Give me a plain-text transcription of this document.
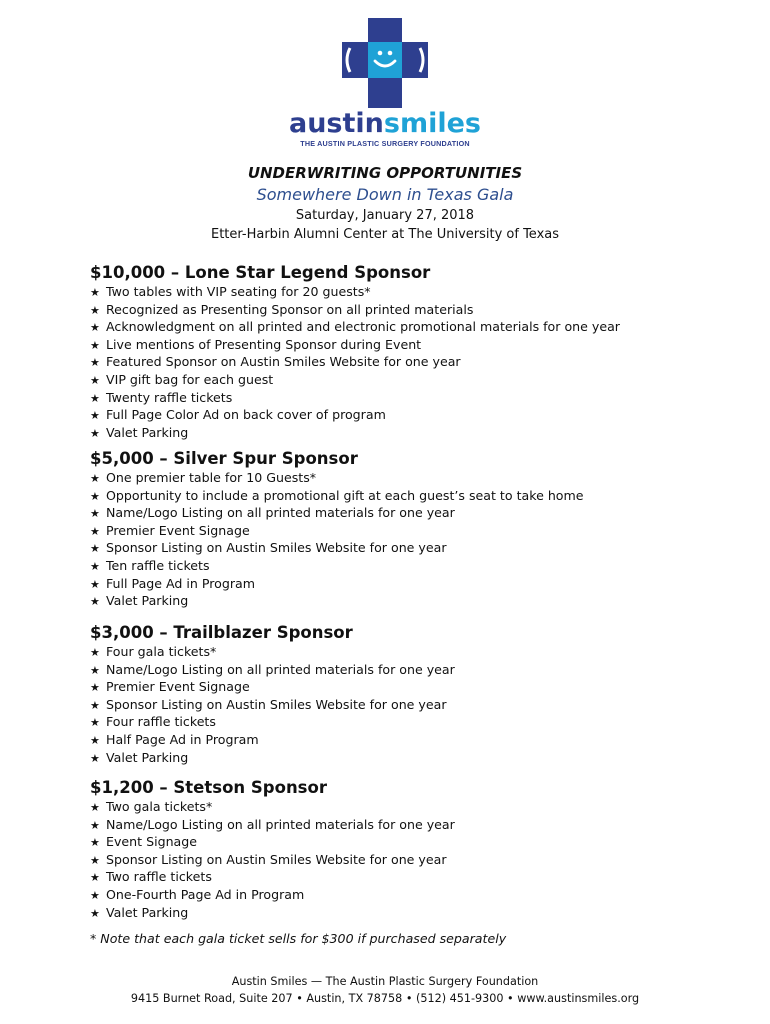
austinsmiles
THE AUSTIN PLASTIC SURGERY FOUNDATION
UNDERWRITING OPPORTUNITIES
Somewhere Down in Texas Gala
Saturday, January 27, 2018
Etter-Harbin Alumni Center at The University of Texas
$10,000 – Lone Star Legend Sponsor
★ Two tables with VIP seating for 20 guests*
★ Recognized as Presenting Sponsor on all printed materials
★ Acknowledgment on all printed and electronic promotional materials for one year
★ Live mentions of Presenting Sponsor during Event
★ Featured Sponsor on Austin Smiles Website for one year
★ VIP gift bag for each guest
★ Twenty raffle tickets
★ Full Page Color Ad on back cover of program
★ Valet Parking
$5,000 – Silver Spur Sponsor
★ One premier table for 10 Guests*
★ Opportunity to include a promotional gift at each guest’s seat to take home
★ Name/Logo Listing on all printed materials for one year
★ Premier Event Signage
★ Sponsor Listing on Austin Smiles Website for one year
★ Ten raffle tickets
★ Full Page Ad in Program
★ Valet Parking
$3,000 – Trailblazer Sponsor
★ Four gala tickets*
★ Name/Logo Listing on all printed materials for one year
★ Premier Event Signage
★ Sponsor Listing on Austin Smiles Website for one year
★ Four raffle tickets
★ Half Page Ad in Program
★ Valet Parking
$1,200 – Stetson Sponsor
★ Two gala tickets*
★ Name/Logo Listing on all printed materials for one year
★ Event Signage
★ Sponsor Listing on Austin Smiles Website for one year
★ Two raffle tickets
★ One-Fourth Page Ad in Program
★ Valet Parking
* Note that each gala ticket sells for $300 if purchased separately
Austin Smiles — The Austin Plastic Surgery Foundation
9415 Burnet Road, Suite 207 • Austin, TX 78758 • (512) 451-9300 • www.austinsmiles.org
